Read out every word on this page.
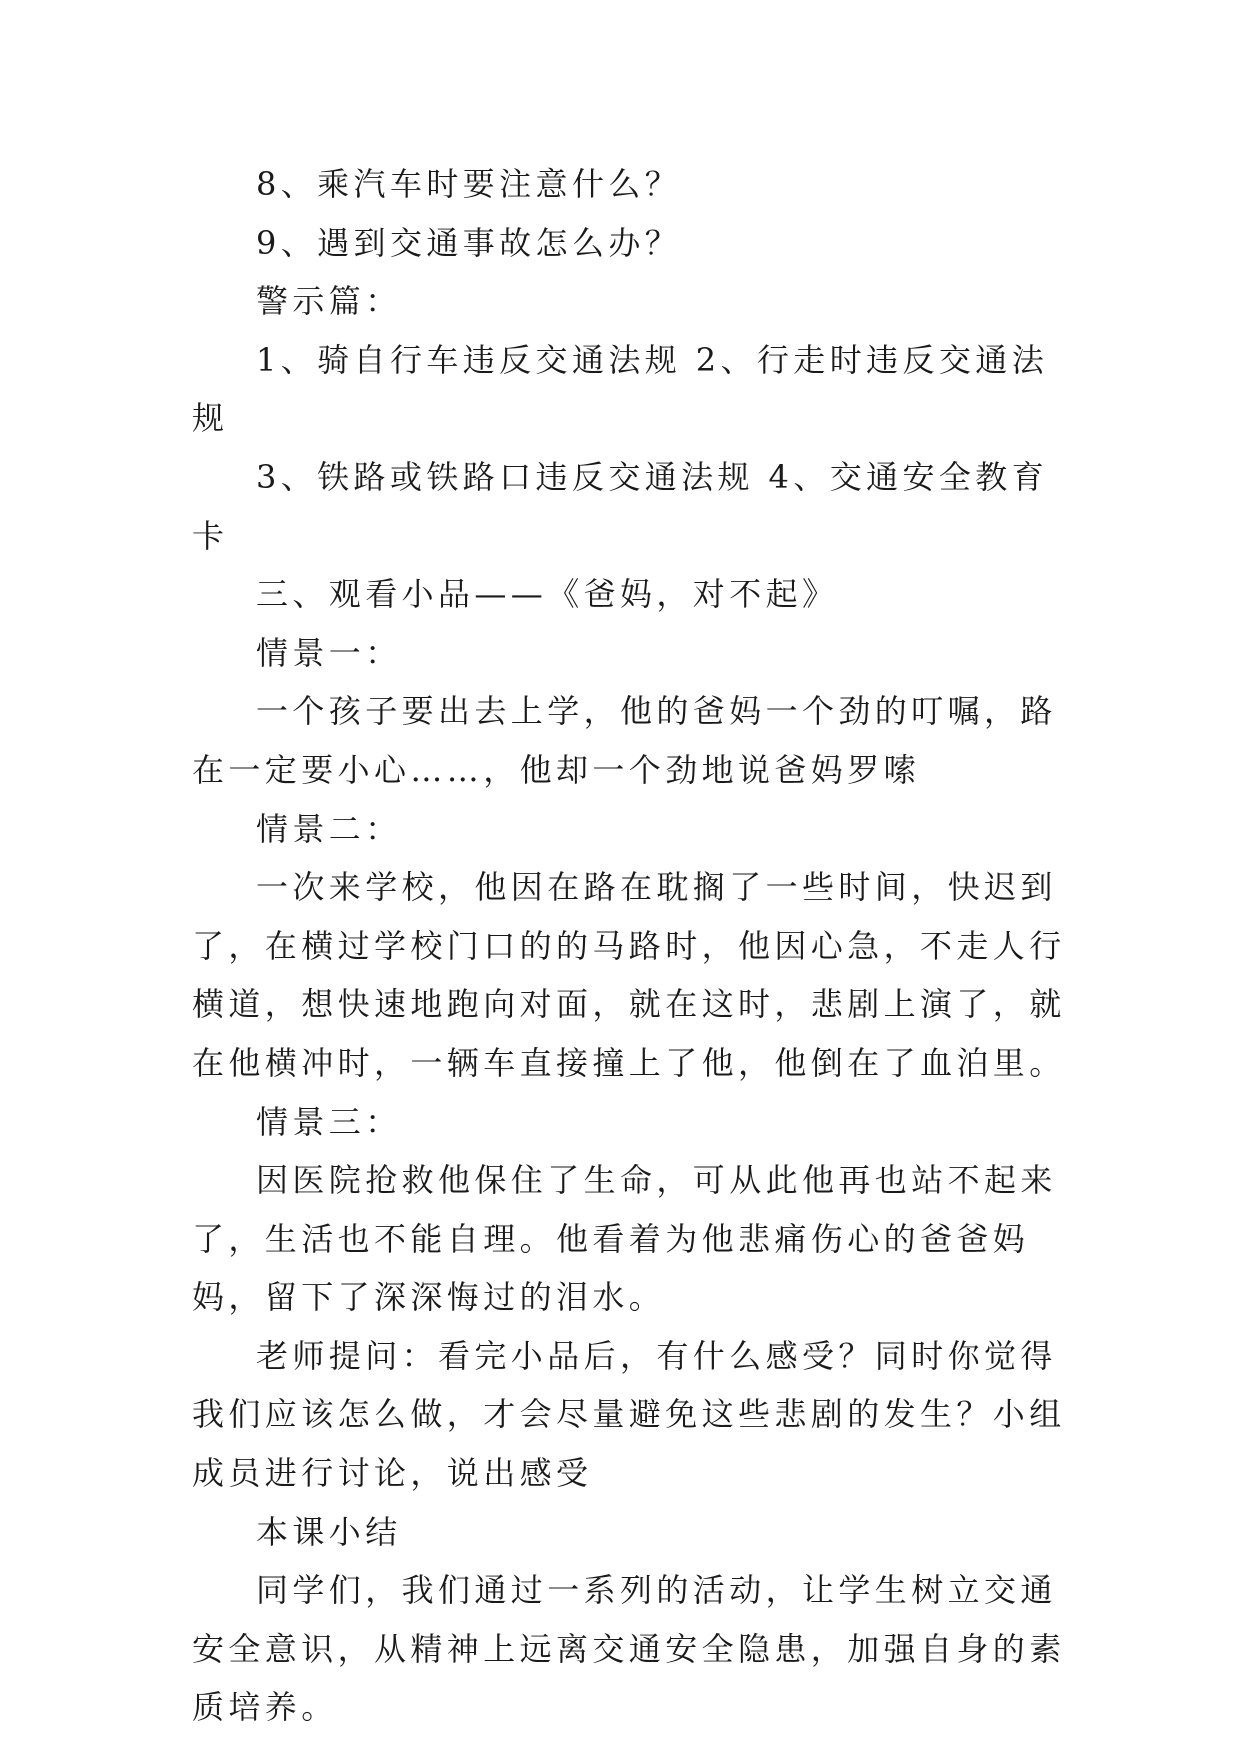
8、乘汽车时要注意什么？

9、遇到交通事故怎么办？

警示篇：

1、骑自行车违反交通法规 2、行走时违反交通法规

3、铁路或铁路口违反交通法规 4、交通安全教育卡

三、观看小品——《爸妈，对不起》

情景一：

一个孩子要出去上学，他的爸妈一个劲的叮嘱，路在一定要小心……，他却一个劲地说爸妈罗嗦

情景二：

一次来学校，他因在路在耽搁了一些时间，快迟到了，在横过学校门口的的马路时，他因心急，不走人行横道，想快速地跑向对面，就在这时，悲剧上演了，就在他横冲时，一辆车直接撞上了他，他倒在了血泊里。

情景三：

因医院抢救他保住了生命，可从此他再也站不起来了，生活也不能自理。他看着为他悲痛伤心的爸爸妈妈，留下了深深悔过的泪水。

老师提问：看完小品后，有什么感受？同时你觉得我们应该怎么做，才会尽量避免这些悲剧的发生？小组成员进行讨论，说出感受

本课小结

同学们，我们通过一系列的活动，让学生树立交通安全意识，从精神上远离交通安全隐患，加强自身的素质培养。
